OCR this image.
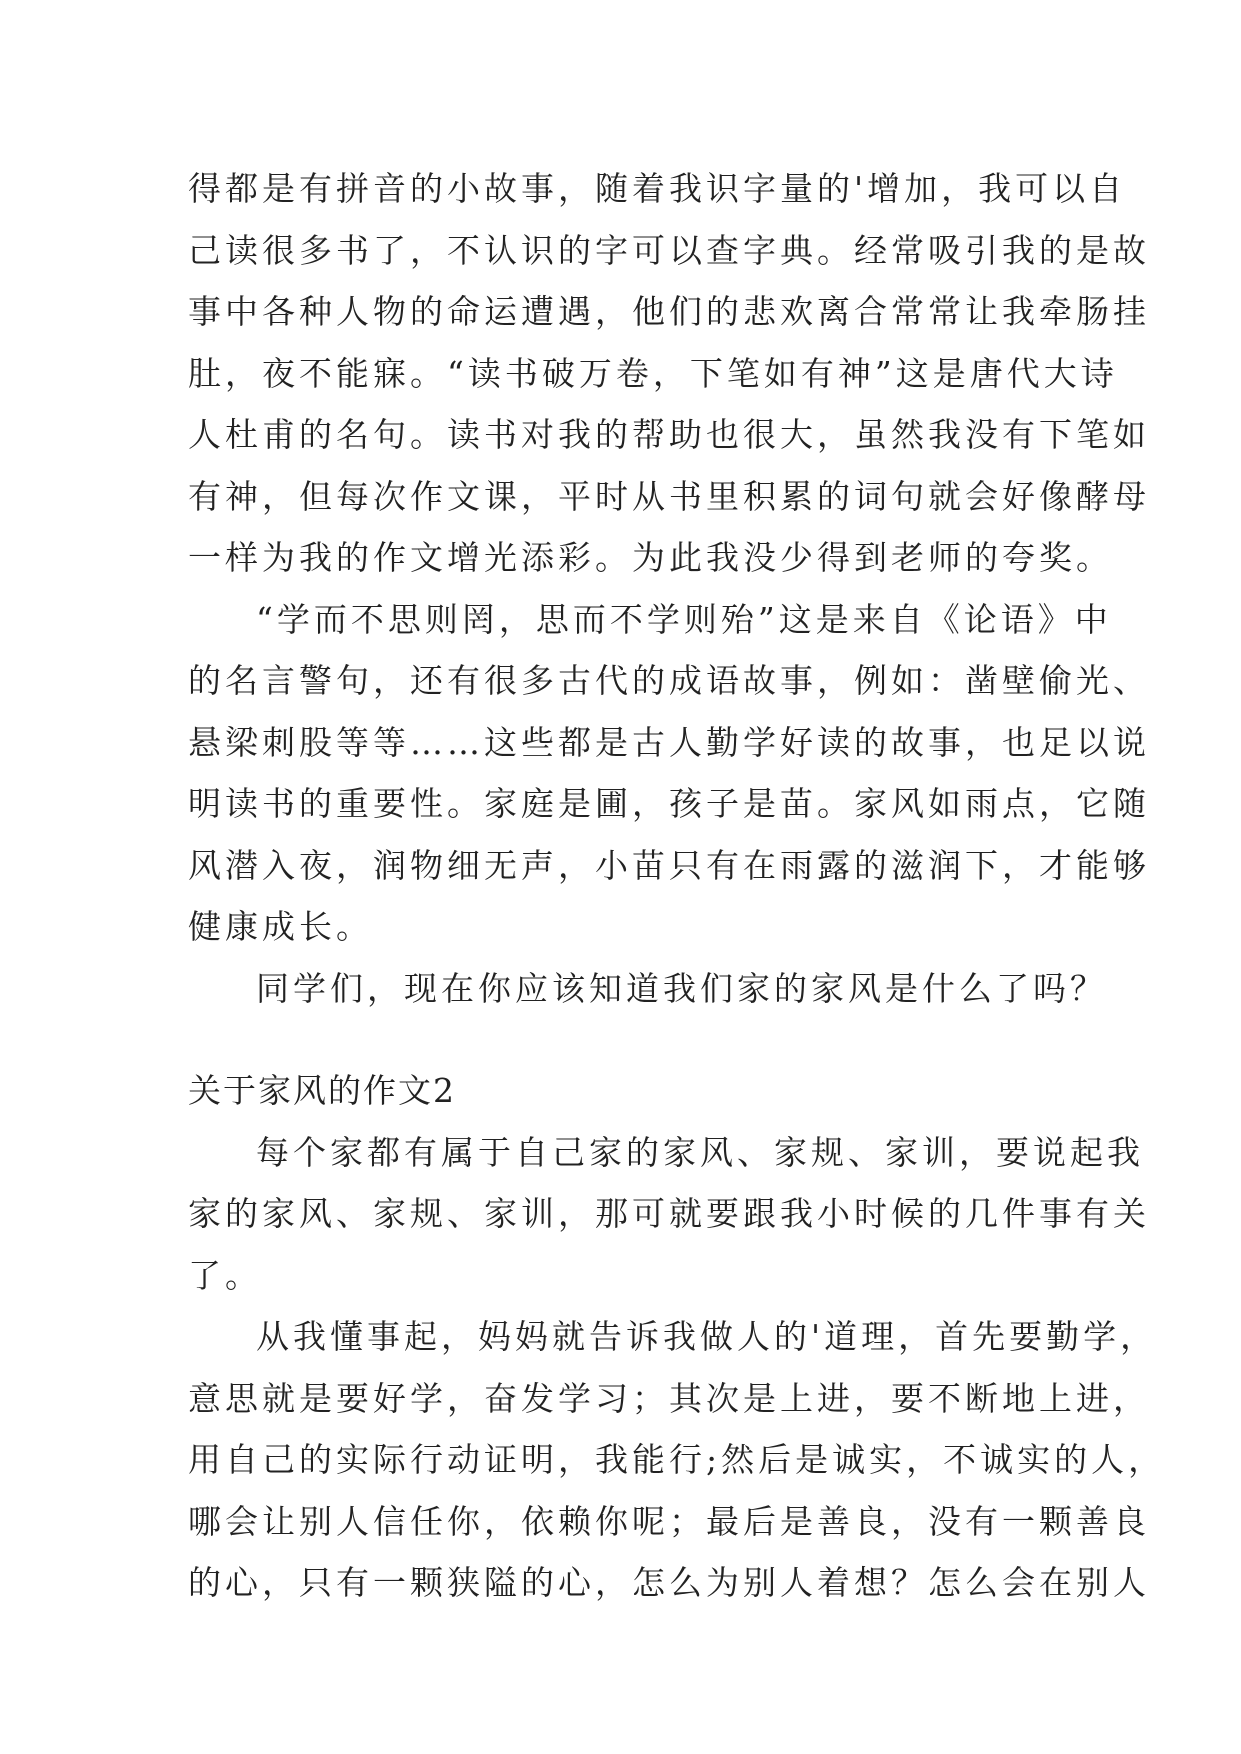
得都是有拼音的小故事，随着我识字量的'增加，我可以自
己读很多书了，不认识的字可以查字典。经常吸引我的是故
事中各种人物的命运遭遇，他们的悲欢离合常常让我牵肠挂
肚，夜不能寐。“读书破万卷，下笔如有神”这是唐代大诗
人杜甫的名句。读书对我的帮助也很大，虽然我没有下笔如
有神，但每次作文课，平时从书里积累的词句就会好像酵母
一样为我的作文增光添彩。为此我没少得到老师的夸奖。
“学而不思则罔，思而不学则殆”这是来自《论语》中
的名言警句，还有很多古代的成语故事，例如：凿壁偷光、
悬梁刺股等等……这些都是古人勤学好读的故事，也足以说
明读书的重要性。家庭是圃，孩子是苗。家风如雨点，它随
风潜入夜，润物细无声，小苗只有在雨露的滋润下，才能够
健康成长。
同学们，现在你应该知道我们家的家风是什么了吗？
关于家风的作文2
每个家都有属于自己家的家风、家规、家训，要说起我
家的家风、家规、家训，那可就要跟我小时候的几件事有关
了。
从我懂事起，妈妈就告诉我做人的'道理，首先要勤学，
意思就是要好学，奋发学习；其次是上进，要不断地上进，
用自己的实际行动证明，我能行;然后是诚实，不诚实的人，
哪会让别人信任你，依赖你呢；最后是善良，没有一颗善良
的心，只有一颗狭隘的心，怎么为别人着想？怎么会在别人
